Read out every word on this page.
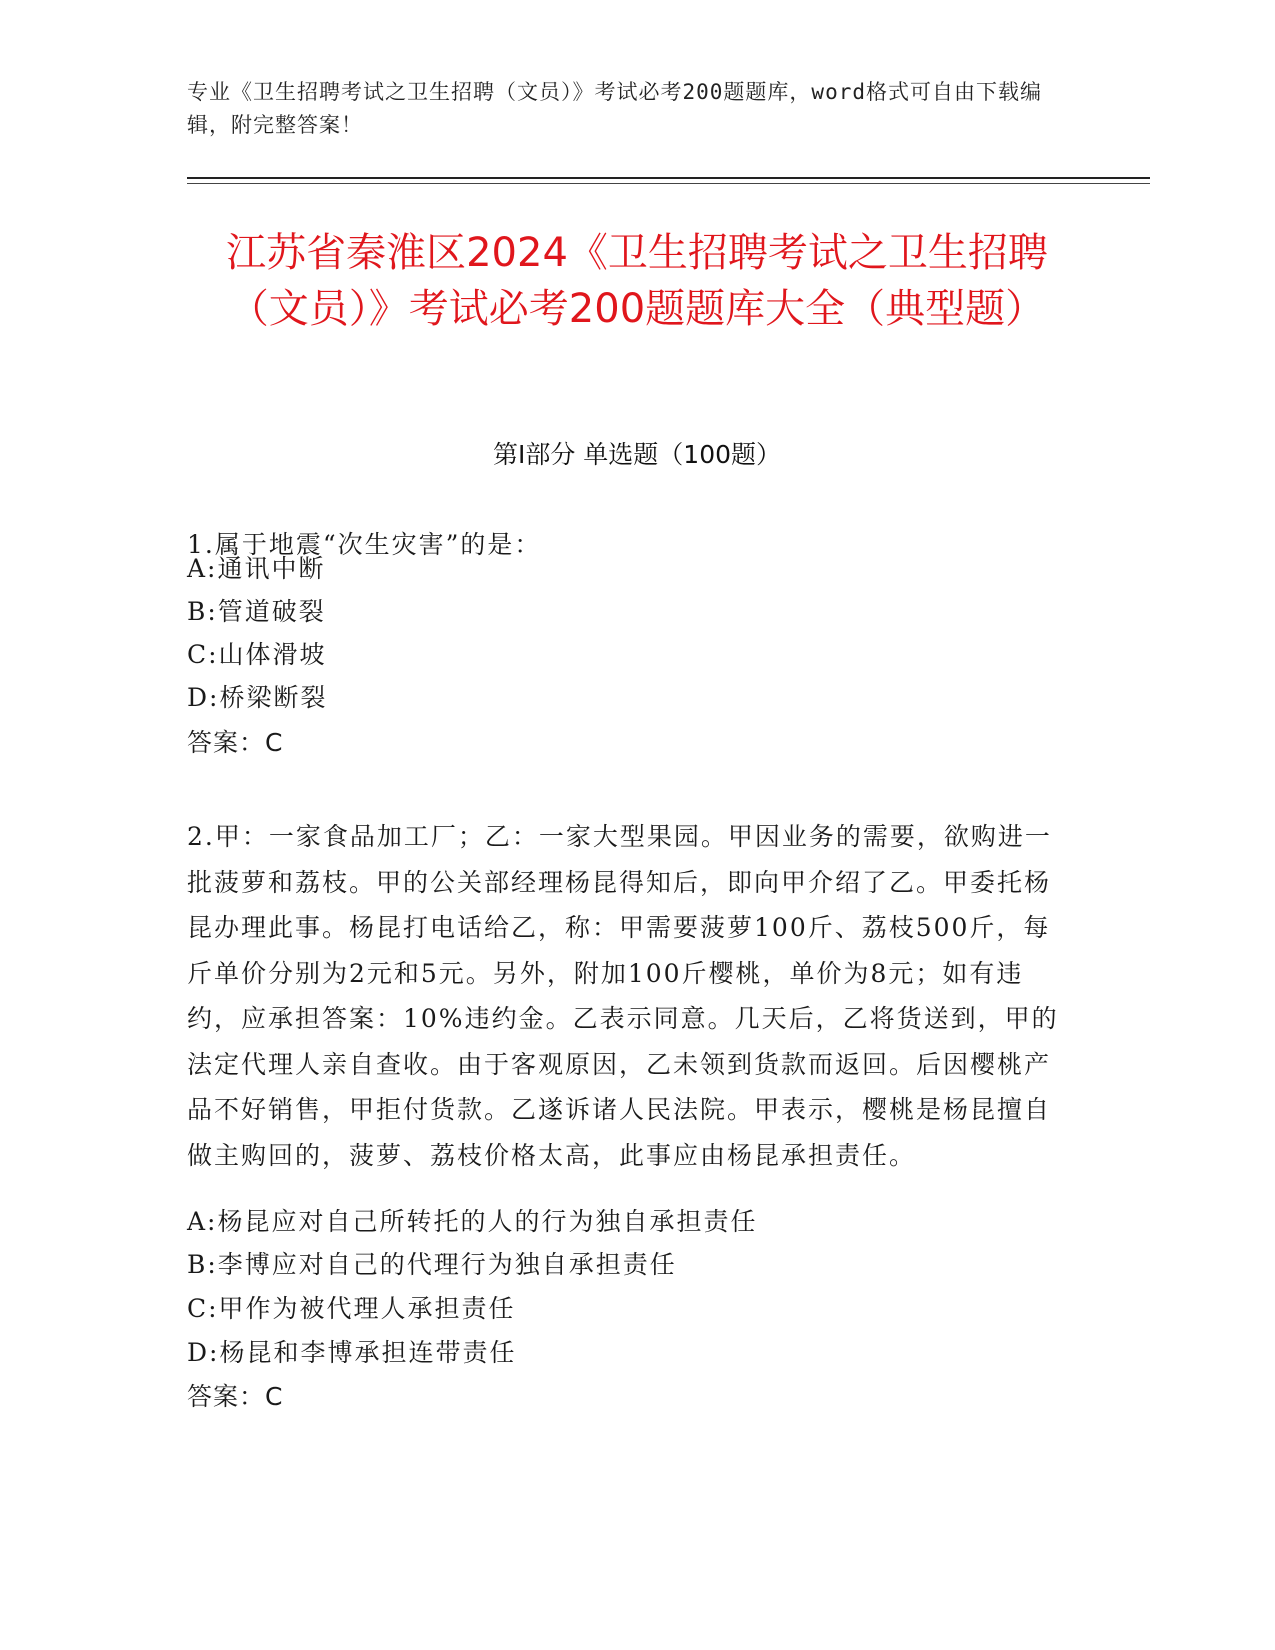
专业《卫生招聘考试之卫生招聘（文员）》考试必考200题题库，word格式可自由下载编辑，附完整答案！
江苏省秦淮区2024《卫生招聘考试之卫生招聘（文员）》考试必考200题题库大全（典型题）
第Ⅰ部分 单选题（100题）
1.属于地震“次生灾害”的是：
A:通讯中断
B:管道破裂
C:山体滑坡
D:桥梁断裂
答案：C
2.甲：一家食品加工厂；乙：一家大型果园。甲因业务的需要，欲购进一批菠萝和荔枝。甲的公关部经理杨昆得知后，即向甲介绍了乙。甲委托杨昆办理此事。杨昆打电话给乙，称：甲需要菠萝100斤、荔枝500斤，每斤单价分别为2元和5元。另外，附加100斤樱桃，单价为8元；如有违约，应承担答案：10%违约金。乙表示同意。几天后，乙将货送到，甲的法定代理人亲自查收。由于客观原因，乙未领到货款而返回。后因樱桃产品不好销售，甲拒付货款。乙遂诉诸人民法院。甲表示，樱桃是杨昆擅自做主购回的，菠萝、荔枝价格太高，此事应由杨昆承担责任。
A:杨昆应对自己所转托的人的行为独自承担责任
B:李博应对自己的代理行为独自承担责任
C:甲作为被代理人承担责任
D:杨昆和李博承担连带责任
答案：C
